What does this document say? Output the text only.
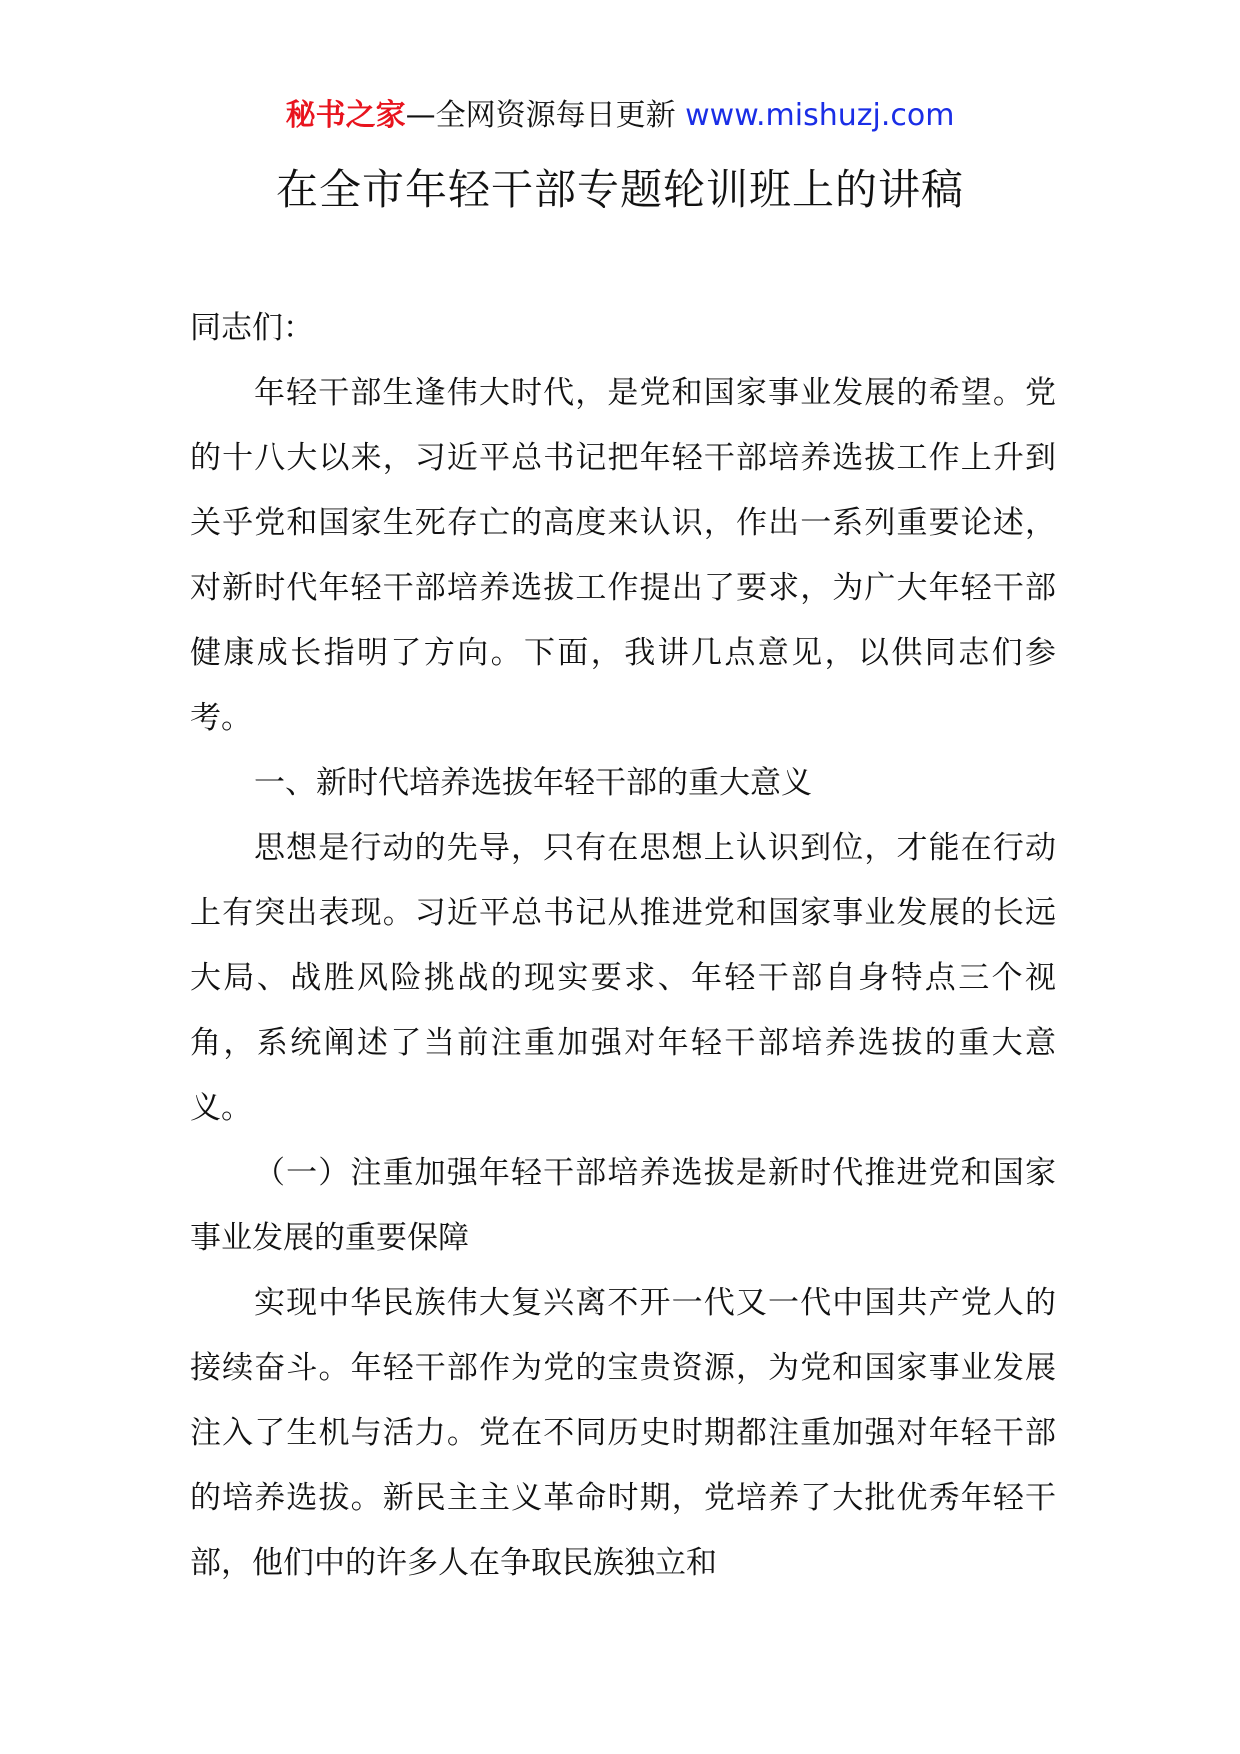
秘书之家—全网资源每日更新 www.mishuzj.com
在全市年轻干部专题轮训班上的讲稿

同志们：

年轻干部生逢伟大时代，是党和国家事业发展的希望。党的十八大以来，习近平总书记把年轻干部培养选拔工作上升到关乎党和国家生死存亡的高度来认识，作出一系列重要论述，对新时代年轻干部培养选拔工作提出了要求，为广大年轻干部健康成长指明了方向。下面，我讲几点意见，以供同志们参考。

一、新时代培养选拔年轻干部的重大意义

思想是行动的先导，只有在思想上认识到位，才能在行动上有突出表现。习近平总书记从推进党和国家事业发展的长远大局、战胜风险挑战的现实要求、年轻干部自身特点三个视角，系统阐述了当前注重加强对年轻干部培养选拔的重大意义。

（一）注重加强年轻干部培养选拔是新时代推进党和国家事业发展的重要保障

实现中华民族伟大复兴离不开一代又一代中国共产党人的接续奋斗。年轻干部作为党的宝贵资源，为党和国家事业发展注入了生机与活力。党在不同历史时期都注重加强对年轻干部的培养选拔。新民主主义革命时期，党培养了大批优秀年轻干部，他们中的许多人在争取民族独立和
